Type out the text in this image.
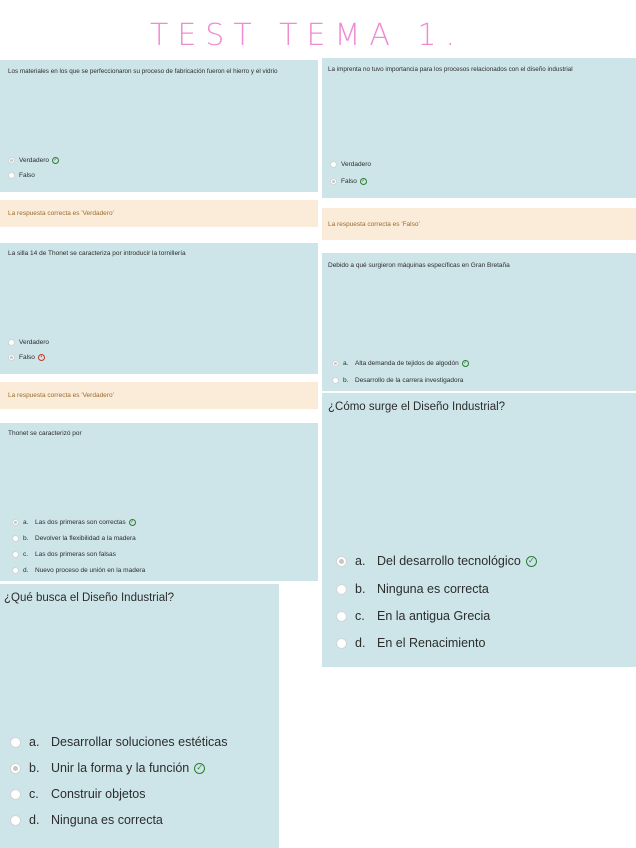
TEST TEMA 1.
Los materiales en los que se perfeccionaron su proceso de fabricación fueron el hierro y el vidrio
Verdadero ✓
Falso
La respuesta correcta es 'Verdadero'
La silla 14 de Thonet se caracteriza por introducir la tornillería
Verdadero
Falso	•
La respuesta correcta es 'Verdadero'
Thonet se caracterizó por
a.	Las dos primeras son correctas ✓
b.	Devolver la flexibilidad a la madera
c.	Las dos primeras son falsas
d.	Nuevo proceso de unión en la madera
¿Qué busca el Diseño Industrial?
a. Desarrollar soluciones estéticas
b. Unir la forma y la función ✓
c. Construir objetos
d. Ninguna es correcta
La imprenta no tuvo importancia para los procesos relacionados con el diseño industrial
Verdadero
Falso ✓
La respuesta correcta es 'Falso'
Debido a qué surgieron máquinas específicas en Gran Bretaña
a.	Alta demanda de tejidos de algodón ✓
b.	Desarrollo de la carrera investigadora
¿Cómo surge el Diseño Industrial?
a. Del desarrollo tecnológico ✓
b. Ninguna es correcta
c. En la antigua Grecia
d. En el Renacimiento
